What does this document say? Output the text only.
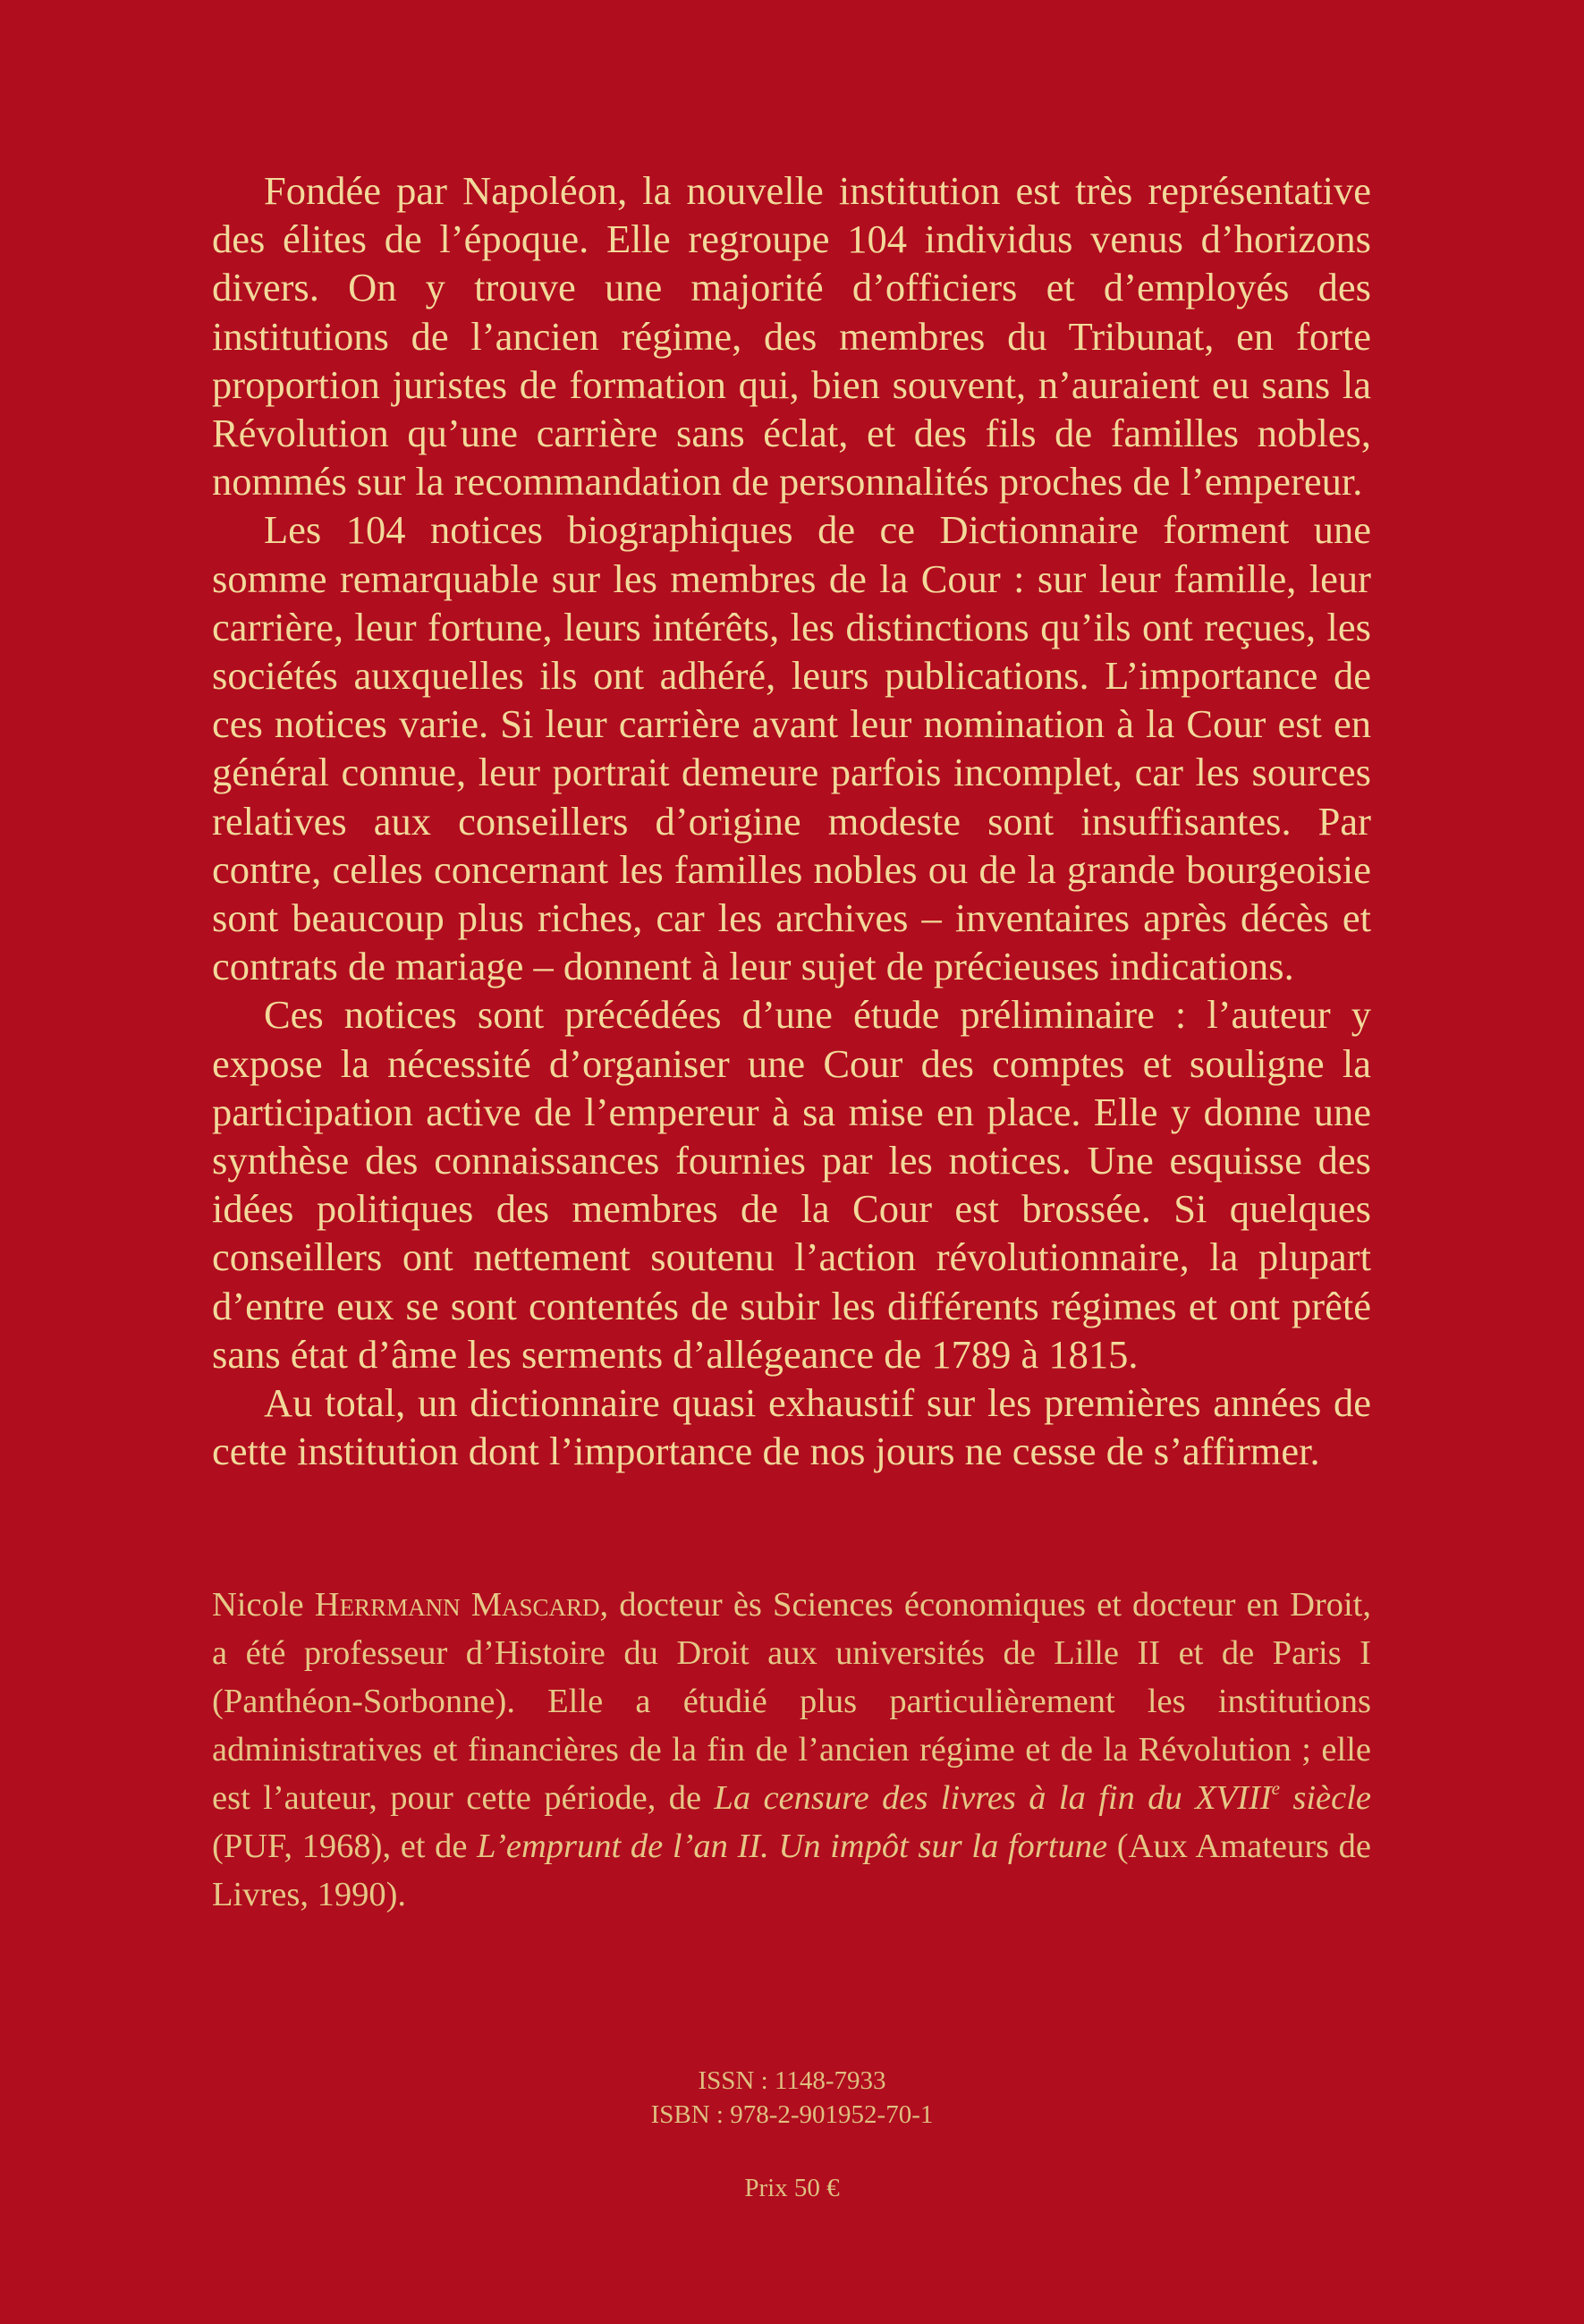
Fondée par Napoléon, la nouvelle institution est très représentative des élites de l’époque. Elle regroupe 104 individus venus d’horizons divers. On y trouve une majorité d’officiers et d’employés des institutions de l’ancien régime, des membres du Tribunat, en forte proportion juristes de formation qui, bien souvent, n’auraient eu sans la Révolution qu’une carrière sans éclat, et des fils de familles nobles, nommés sur la recommandation de personnalités proches de l’empereur.

Les 104 notices biographiques de ce Dictionnaire forment une somme remarquable sur les membres de la Cour : sur leur famille, leur carrière, leur fortune, leurs intérêts, les distinctions qu’ils ont reçues, les sociétés auxquelles ils ont adhéré, leurs publications. L’importance de ces notices varie. Si leur carrière avant leur nomination à la Cour est en général connue, leur portrait demeure parfois incomplet, car les sources relatives aux conseillers d’origine modeste sont insuffisantes. Par contre, celles concernant les familles nobles ou de la grande bourgeoisie sont beaucoup plus riches, car les archives – inventaires après décès et contrats de mariage – donnent à leur sujet de précieuses indications.

Ces notices sont précédées d’une étude préliminaire : l’auteur y expose la nécessité d’organiser une Cour des comptes et souligne la participation active de l’empereur à sa mise en place. Elle y donne une synthèse des connaissances fournies par les notices. Une esquisse des idées politiques des membres de la Cour est brossée. Si quelques conseillers ont nettement soutenu l’action révolutionnaire, la plupart d’entre eux se sont contentés de subir les différents régimes et ont prêté sans état d’âme les serments d’allégeance de 1789 à 1815.

Au total, un dictionnaire quasi exhaustif sur les premières années de cette institution dont l’importance de nos jours ne cesse de s’affirmer.

Nicole Herrmann Mascard, docteur ès Sciences économiques et docteur en Droit, a été professeur d’Histoire du Droit aux universités de Lille II et de Paris I (Panthéon-Sorbonne). Elle a étudié plus particulièrement les institutions administratives et financières de la fin de l’ancien régime et de la Révolution ; elle est l’auteur, pour cette période, de La censure des livres à la fin du XVIIIe siècle (PUF, 1968), et de L’emprunt de l’an II. Un impôt sur la fortune (Aux Amateurs de Livres, 1990).

ISSN : 1148-7933
ISBN : 978-2-901952-70-1
Prix 50 €
